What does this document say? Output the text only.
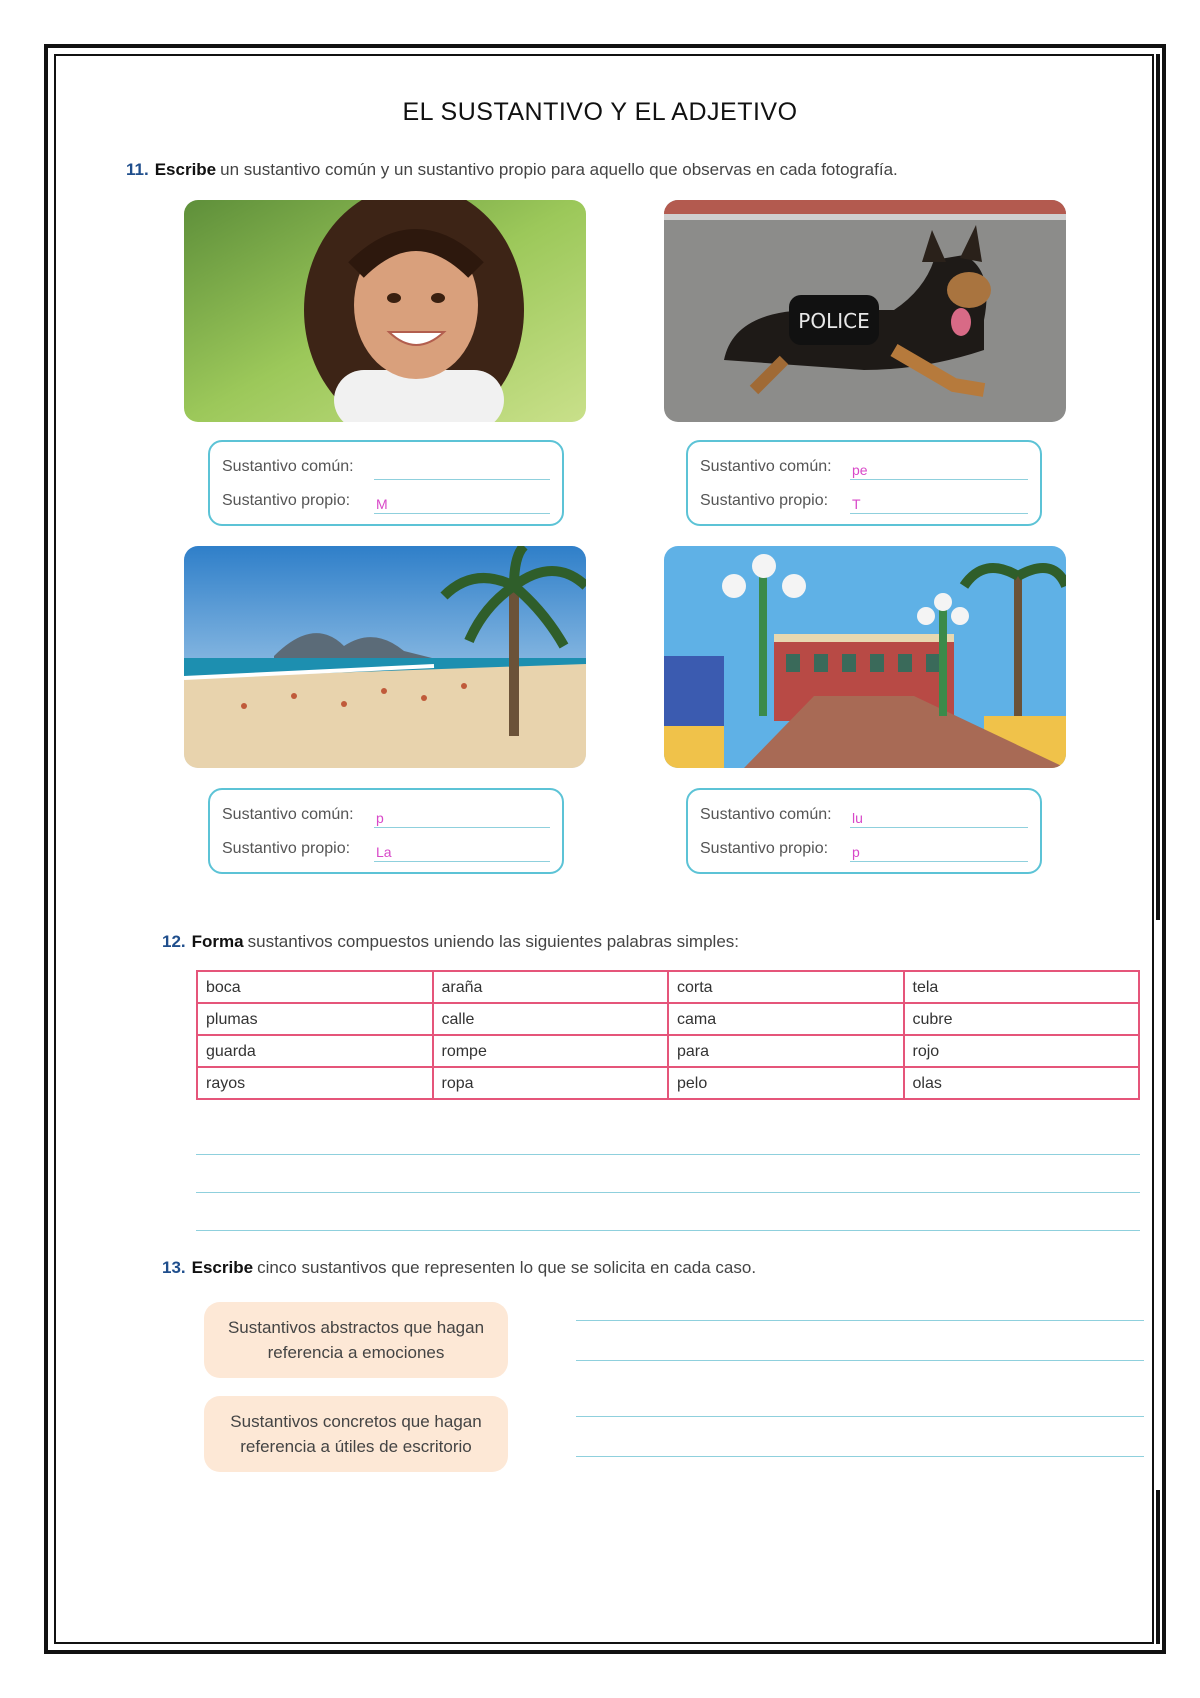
EL SUSTANTIVO Y EL ADJETIVO
11. Escribe un sustantivo común y un sustantivo propio para aquello que observas en cada fotografía.
POLICE
Sustantivo común:
Sustantivo propio: M
Sustantivo común: pe
Sustantivo propio: T
Sustantivo común: p
Sustantivo propio: La
Sustantivo común: lu
Sustantivo propio: p
12. Forma sustantivos compuestos uniendo las siguientes palabras simples:
boca	araña	corta	tela
plumas	calle	cama	cubre
guarda	rompe	para	rojo
rayos	ropa	pelo	olas
13. Escribe cinco sustantivos que representen lo que se solicita en cada caso.
Sustantivos abstractos que hagan
referencia a emociones
Sustantivos concretos que hagan
referencia a útiles de escritorio
